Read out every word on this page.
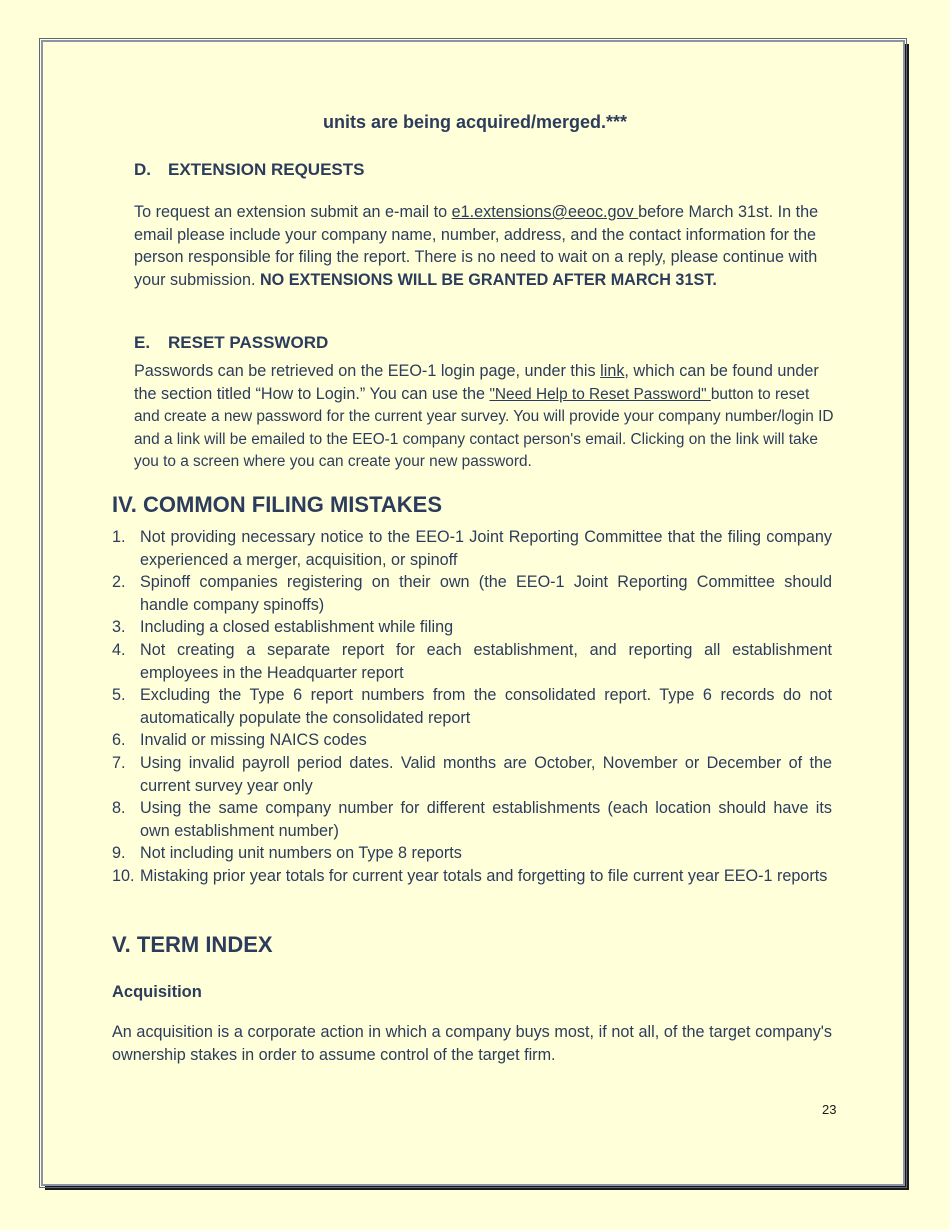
units are being acquired/merged.***
D. EXTENSION REQUESTS
To request an extension submit an e-mail to e1.extensions@eeoc.gov before March 31st. In the email please include your company name, number, address, and the contact information for the person responsible for filing the report. There is no need to wait on a reply, please continue with your submission. NO EXTENSIONS WILL BE GRANTED AFTER MARCH 31ST.
E. RESET PASSWORD
Passwords can be retrieved on the EEO-1 login page, under this link, which can be found under the section titled “How to Login.” You can use the "Need Help to Reset Password" button to reset and create a new password for the current year survey. You will provide your company number/login ID and a link will be emailed to the EEO-1 company contact person's email. Clicking on the link will take you to a screen where you can create your new password.
IV. COMMON FILING MISTAKES
1. Not providing necessary notice to the EEO-1 Joint Reporting Committee that the filing company experienced a merger, acquisition, or spinoff
2. Spinoff companies registering on their own (the EEO-1 Joint Reporting Committee should handle company spinoffs)
3. Including a closed establishment while filing
4. Not creating a separate report for each establishment, and reporting all establishment employees in the Headquarter report
5. Excluding the Type 6 report numbers from the consolidated report. Type 6 records do not automatically populate the consolidated report
6. Invalid or missing NAICS codes
7. Using invalid payroll period dates. Valid months are October, November or December of the current survey year only
8. Using the same company number for different establishments (each location should have its own establishment number)
9. Not including unit numbers on Type 8 reports
10. Mistaking prior year totals for current year totals and forgetting to file current year EEO-1 reports
V. TERM INDEX
Acquisition
An acquisition is a corporate action in which a company buys most, if not all, of the target company's ownership stakes in order to assume control of the target firm.
23
